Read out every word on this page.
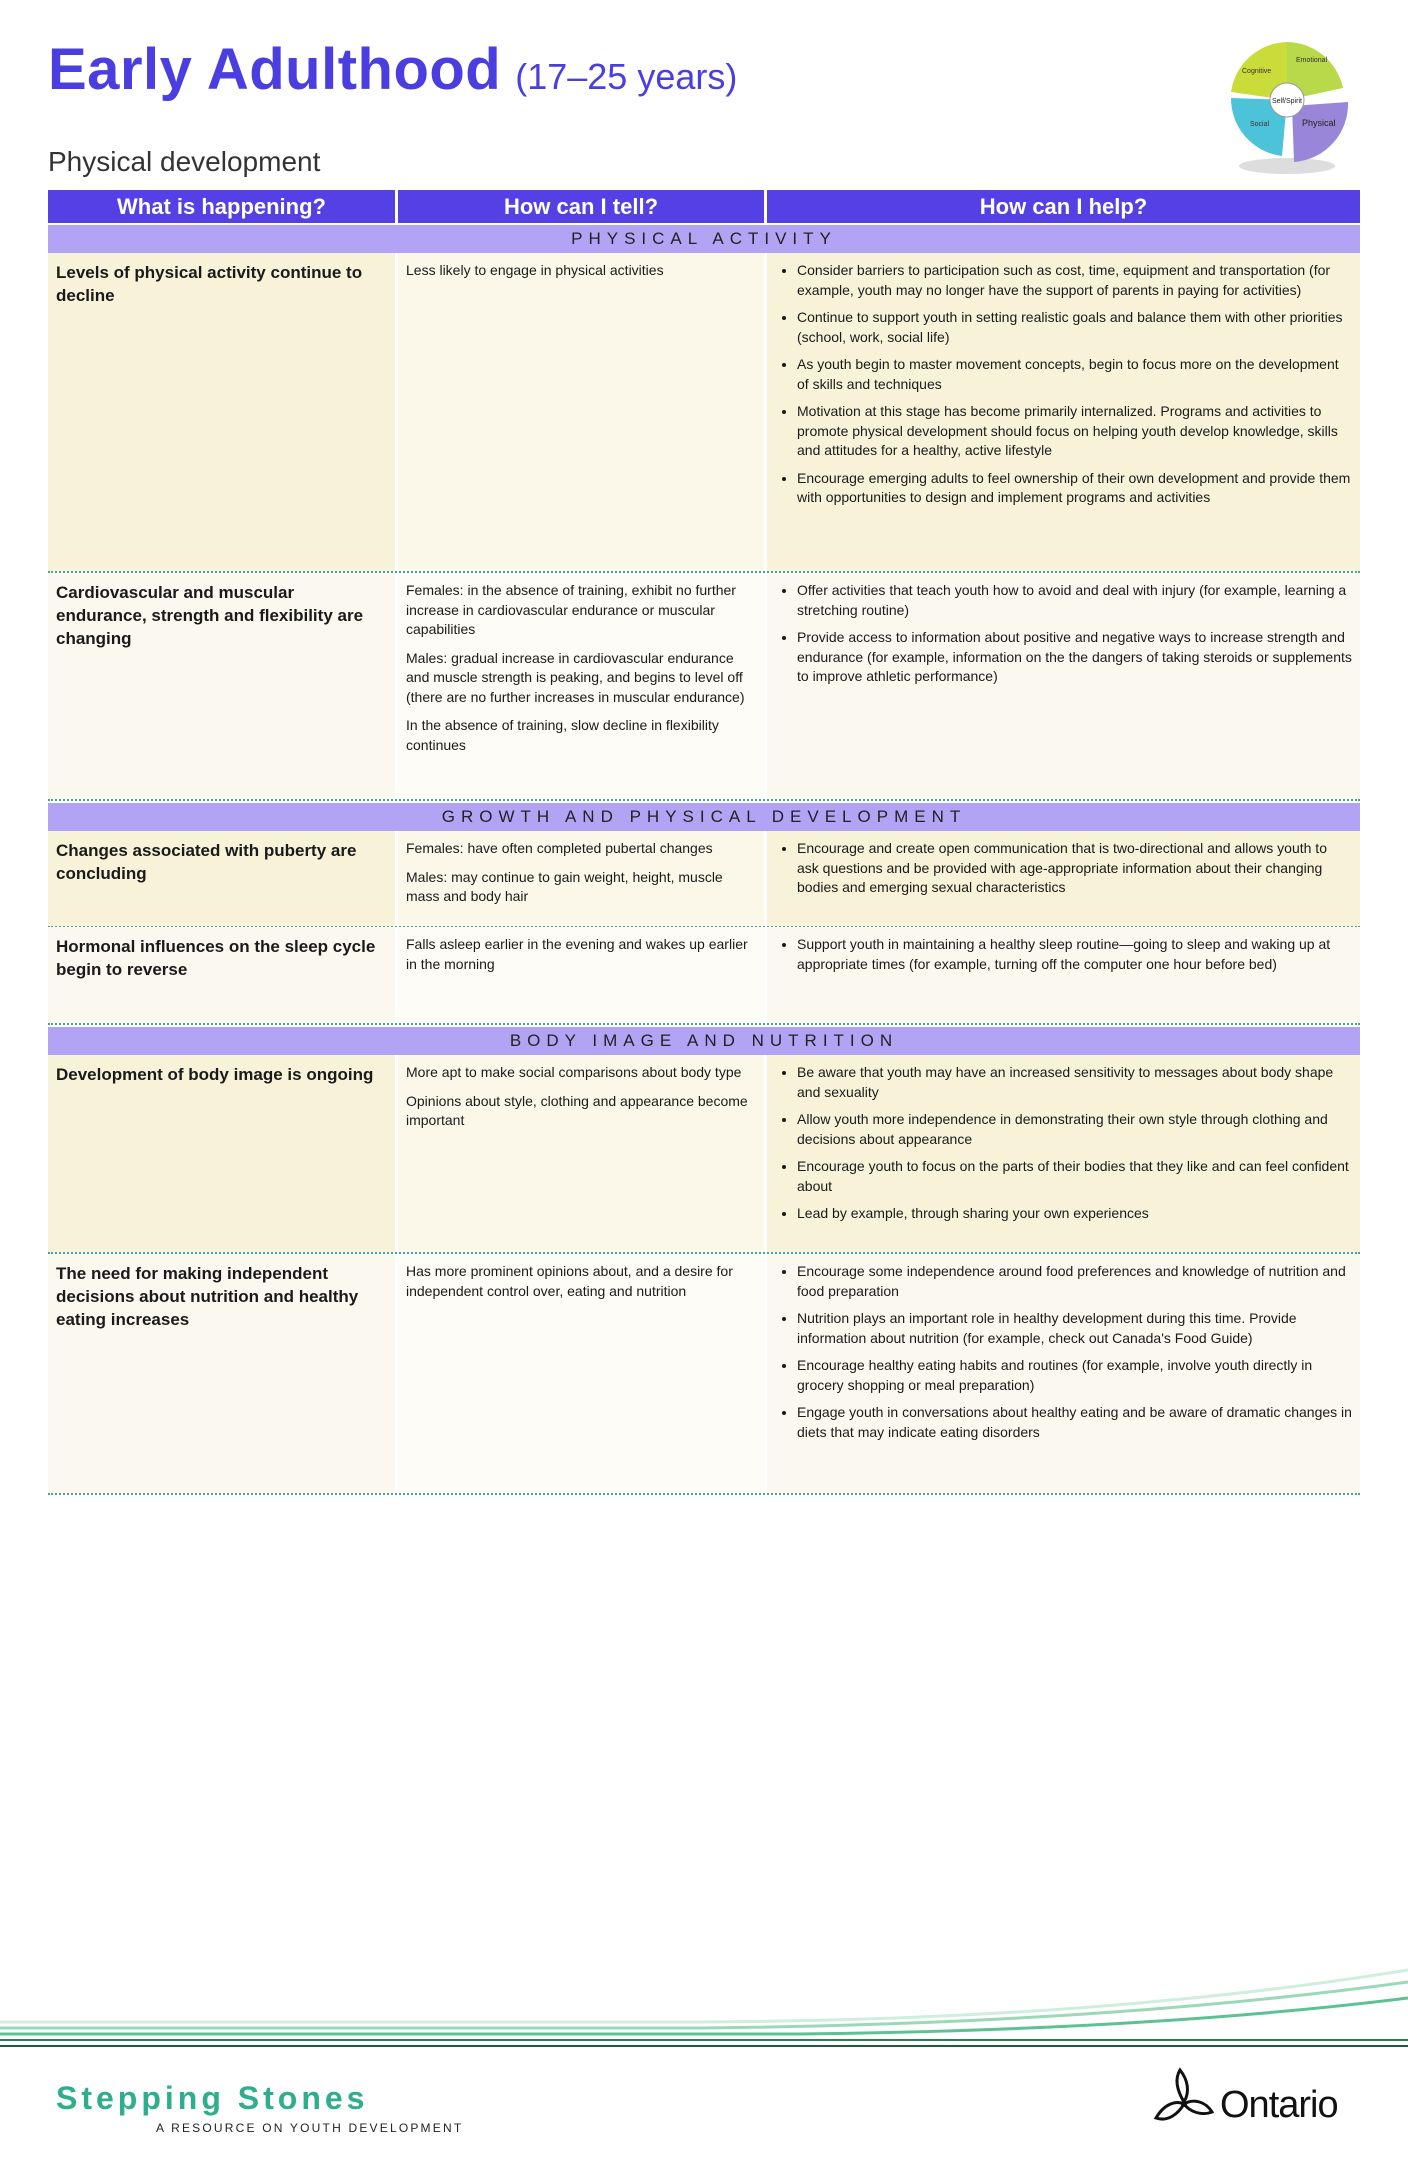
Early Adulthood (17–25 years)
Physical development
Cognitive
Emotional
Self/Spirit
Social	Physical
What is happening?	How can I tell?	How can I help?
PHYSICAL ACTIVITY
Levels of physical activity continue to decline

Less likely to engage in physical activities

•	Consider barriers to participation such as cost, time, equipment and transportation (for example, youth may no longer have the support of parents in paying for activities)
• Continue to support youth in setting realistic goals and balance them with other priorities (school, work, social life)
• As youth begin to master movement concepts, begin to focus more on the development of skills and techniques
• Motivation at this stage has become primarily internalized. Programs and activities to promote physical development should focus on helping youth develop knowledge, skills and attitudes for a healthy, active lifestyle
• Encourage emerging adults to feel ownership of their own development and provide them with opportunities to design and implement programs and activities
Cardiovascular and muscular endurance, strength and flexibility are changing

Females: in the absence of training, exhibit no further increase in cardiovascular endurance or muscular capabilities

Males: gradual increase in cardiovascular endurance and muscle strength is peaking, and begins to level off (there are no further increases in muscular endurance)

In the absence of training, slow decline in flexibility continues

• Offer activities that teach youth how to avoid and deal with injury (for example, learning a stretching routine)
• Provide access to information about positive and negative ways to increase strength and endurance (for example, information on the the dangers of taking steroids or supplements to improve athletic performance)
GROWTH AND PHYSICAL DEVELOPMENT
Changes associated with puberty are concluding

Females: have often completed pubertal changes

Males: may continue to gain weight, height, muscle mass and body hair

• Encourage and create open communication that is two-directional and allows youth to ask questions and be provided with age-appropriate information about their changing bodies and emerging sexual characteristics
Hormonal influences on the sleep cycle begin to reverse

Falls asleep earlier in the evening and wakes up earlier in the morning

• Support youth in maintaining a healthy sleep routine—going to sleep and waking up at appropriate times (for example, turning off the computer one hour before bed)
BODY IMAGE AND NUTRITION
Development of body image is ongoing	More apt to make social comparisons about body type

Opinions about style, clothing and appearance become important

• Be aware that youth may have an increased sensitivity to messages about body shape and sexuality
• Allow youth more independence in demonstrating their own style through clothing and decisions about appearance
• Encourage youth to focus on the parts of their bodies that they like and can feel confident about
• Lead by example, through sharing your own experiences
The need for making independent decisions about nutrition and healthy eating increases

Has more prominent opinions about, and a desire for independent control over, eating and nutrition

• Encourage some independence around food preferences and knowledge of nutrition and food preparation
• Nutrition plays an important role in healthy development during this time. Provide information about nutrition (for example, check out Canada's Food Guide)
• Encourage healthy eating habits and routines (for example, involve youth directly in grocery shopping or meal preparation)
• Engage youth in conversations about healthy eating and be aware of dramatic changes in diets that may indicate eating disorders
Stepping Stones
A RESOURCE ON YOUTH DEVELOPMENT
Ontario
